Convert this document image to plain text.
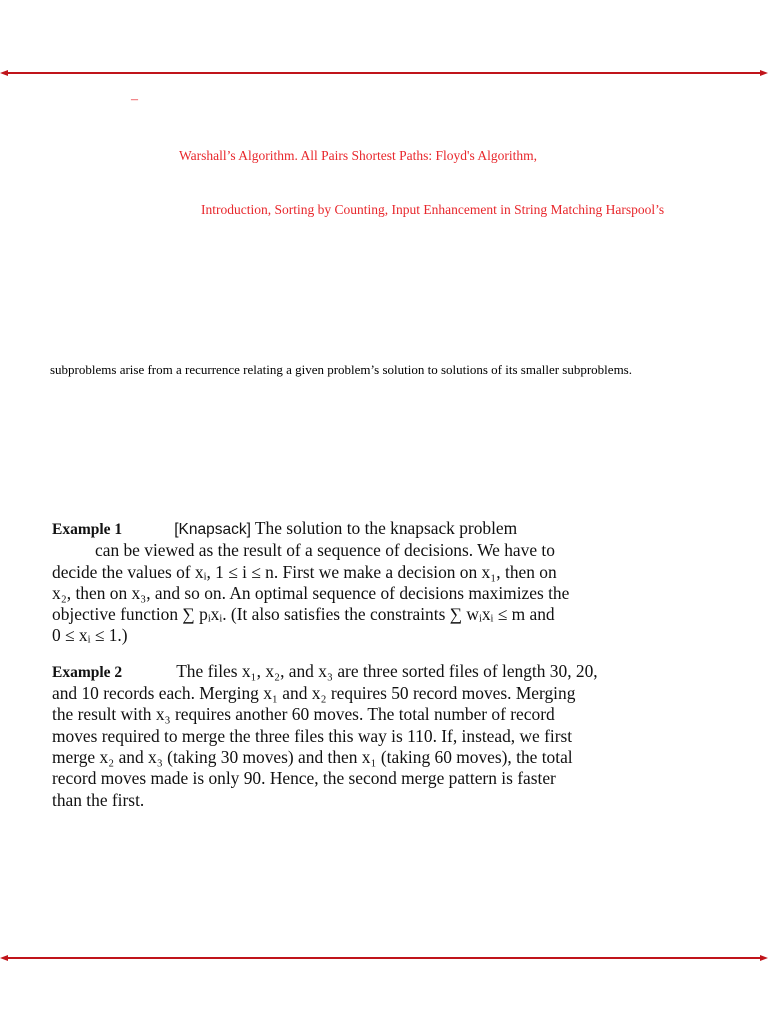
–
Warshall’s Algorithm. All Pairs Shortest Paths: Floyd's Algorithm,
Introduction, Sorting by Counting, Input Enhancement in String Matching Harspool’s
subproblems arise from a recurrence relating a given problem’s solution to solutions of its smaller subproblems.
Example 1	[Knapsack] The solution to the knapsack problem
can be viewed as the result of a sequence of decisions. We have to
decide the values of xᵢ, 1 ≤ i ≤ n. First we make a decision on x₁, then on
x₂, then on x₃, and so on. An optimal sequence of decisions maximizes the
objective function ∑ pᵢxᵢ. (It also satisfies the constraints ∑ wᵢxᵢ ≤ m and
0 ≤ xᵢ ≤ 1.)
Example 2	The files x₁, x₂, and x₃ are three sorted files of length 30, 20,
and 10 records each. Merging x₁ and x₂ requires 50 record moves. Merging
the result with x₃ requires another 60 moves. The total number of record
moves required to merge the three files this way is 110. If, instead, we first
merge x₂ and x₃ (taking 30 moves) and then x₁ (taking 60 moves), the total
record moves made is only 90. Hence, the second merge pattern is faster
than the first.
